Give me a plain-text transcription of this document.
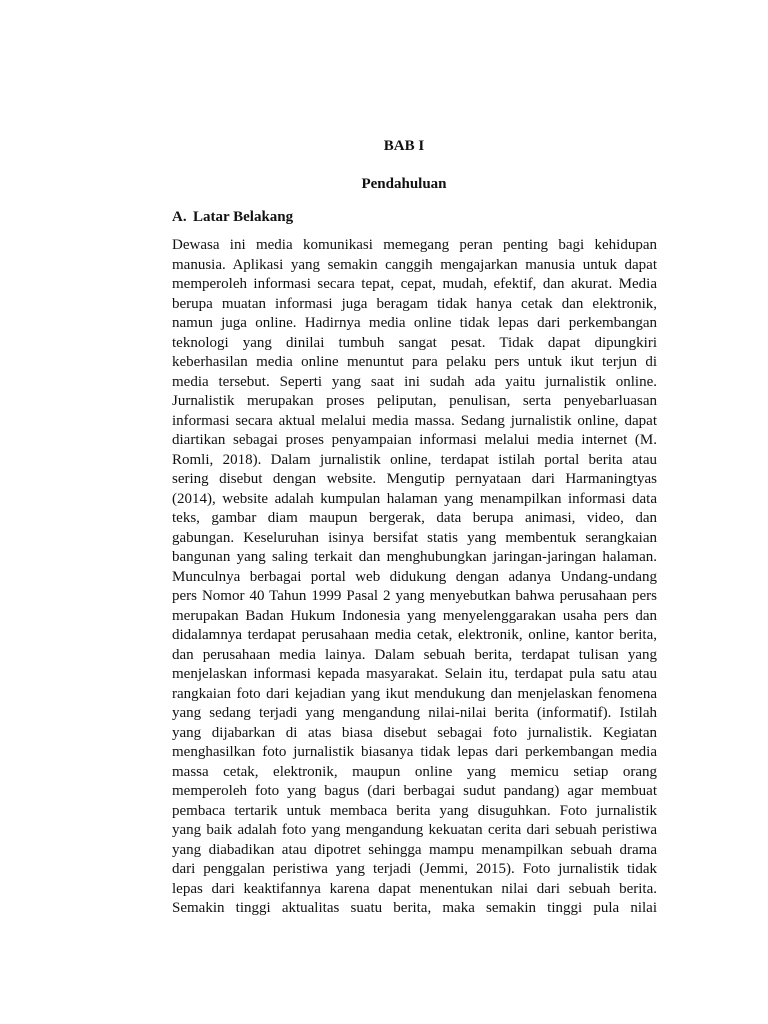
BAB I
Pendahuluan
A. Latar Belakang
Dewasa ini media komunikasi memegang peran penting bagi kehidupan
manusia. Aplikasi yang semakin canggih mengajarkan manusia untuk dapat
memperoleh informasi secara tepat, cepat, mudah, efektif, dan akurat. Media
berupa muatan informasi juga beragam tidak hanya cetak dan elektronik,
namun juga online. Hadirnya media online tidak lepas dari perkembangan
teknologi yang dinilai tumbuh sangat pesat. Tidak dapat dipungkiri
keberhasilan media online menuntut para pelaku pers untuk ikut terjun di
media tersebut. Seperti yang saat ini sudah ada yaitu jurnalistik online.
Jurnalistik merupakan proses peliputan, penulisan, serta penyebarluasan
informasi secara aktual melalui media massa. Sedang jurnalistik online, dapat
diartikan sebagai proses penyampaian informasi melalui media internet (M.
Romli, 2018). Dalam jurnalistik online, terdapat istilah portal berita atau
sering disebut dengan website. Mengutip pernyataan dari Harmaningtyas
(2014), website adalah kumpulan halaman yang menampilkan informasi data
teks, gambar diam maupun bergerak, data berupa animasi, video, dan
gabungan. Keseluruhan isinya bersifat statis yang membentuk serangkaian
bangunan yang saling terkait dan menghubungkan jaringan-jaringan halaman.
Munculnya berbagai portal web didukung dengan adanya Undang-undang
pers Nomor 40 Tahun 1999 Pasal 2 yang menyebutkan bahwa perusahaan pers
merupakan Badan Hukum Indonesia yang menyelenggarakan usaha pers dan
didalamnya terdapat perusahaan media cetak, elektronik, online, kantor berita,
dan perusahaan media lainya. Dalam sebuah berita, terdapat tulisan yang
menjelaskan informasi kepada masyarakat. Selain itu, terdapat pula satu atau
rangkaian foto dari kejadian yang ikut mendukung dan menjelaskan fenomena
yang sedang terjadi yang mengandung nilai-nilai berita (informatif). Istilah
yang dijabarkan di atas biasa disebut sebagai foto jurnalistik. Kegiatan
menghasilkan foto jurnalistik biasanya tidak lepas dari perkembangan media
massa cetak, elektronik, maupun online yang memicu setiap orang
memperoleh foto yang bagus (dari berbagai sudut pandang) agar membuat
pembaca tertarik untuk membaca berita yang disuguhkan. Foto jurnalistik
yang baik adalah foto yang mengandung kekuatan cerita dari sebuah peristiwa
yang diabadikan atau dipotret sehingga mampu menampilkan sebuah drama
dari penggalan peristiwa yang terjadi (Jemmi, 2015). Foto jurnalistik tidak
lepas dari keaktifannya karena dapat menentukan nilai dari sebuah berita.
Semakin tinggi aktualitas suatu berita, maka semakin tinggi pula nilai
